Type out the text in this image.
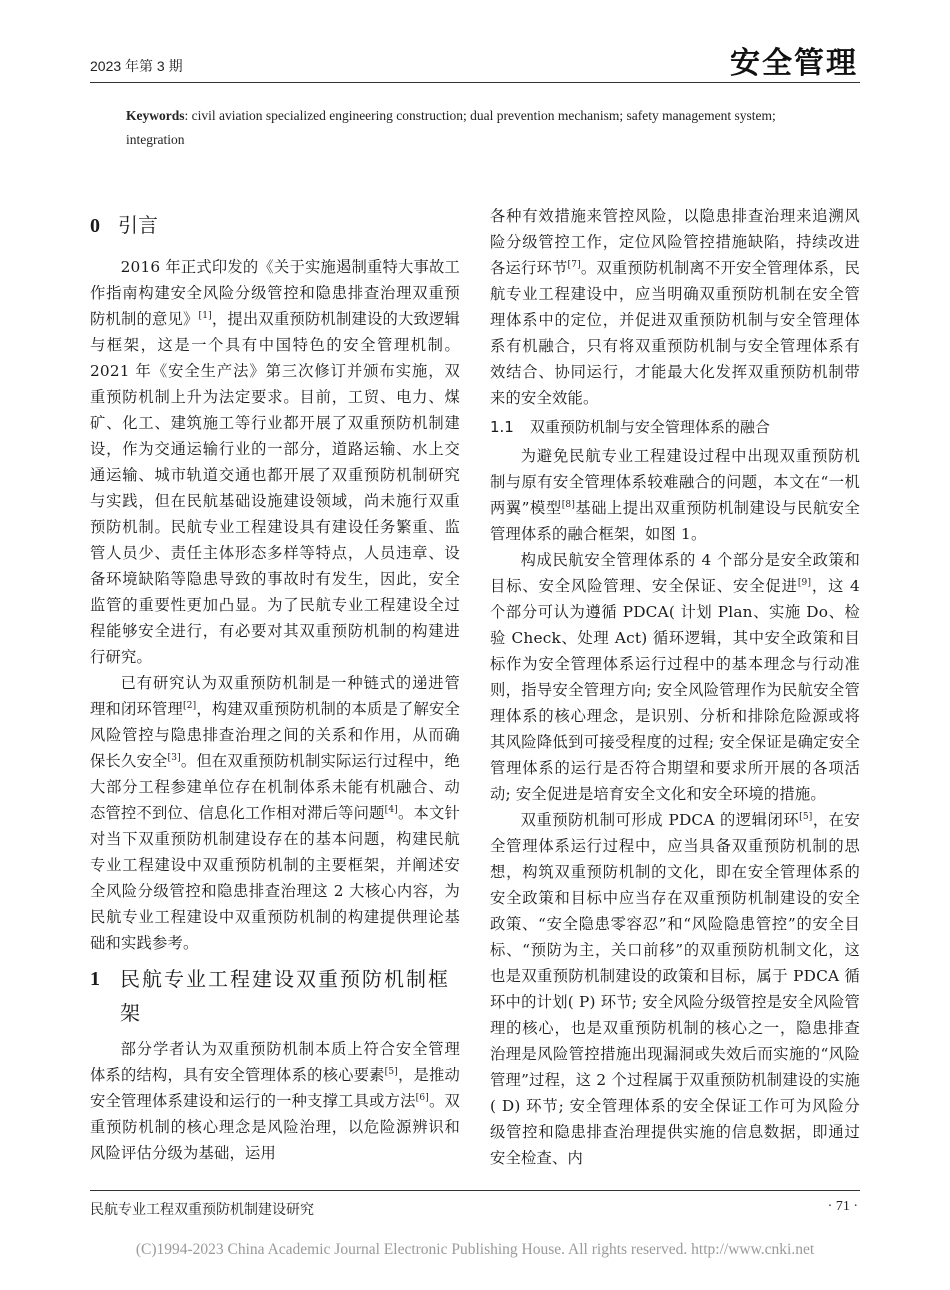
2023 年第 3 期	安全管理
Keywords: civil aviation specialized engineering construction; dual prevention mechanism; safety management system; integration
0 引言

2016 年正式印发的《关于实施遏制重特大事故工作指南构建安全风险分级管控和隐患排查治理双重预防机制的意见》[1]，提出双重预防机制建设的大致逻辑与框架，这是一个具有中国特色的安全管理机制。2021 年《安全生产法》第三次修订并颁布实施，双重预防机制上升为法定要求。目前，工贸、电力、煤矿、化工、建筑施工等行业都开展了双重预防机制建设，作为交通运输行业的一部分，道路运输、水上交通运输、城市轨道交通也都开展了双重预防机制研究与实践，但在民航基础设施建设领域，尚未施行双重预防机制。民航专业工程建设具有建设任务繁重、监管人员少、责任主体形态多样等特点，人员违章、设备环境缺陷等隐患导致的事故时有发生，因此，安全监管的重要性更加凸显。为了民航专业工程建设全过程能够安全进行，有必要对其双重预防机制的构建进行研究。

已有研究认为双重预防机制是一种链式的递进管理和闭环管理[2]，构建双重预防机制的本质是了解安全风险管控与隐患排查治理之间的关系和作用，从而确保长久安全[3]。但在双重预防机制实际运行过程中，绝大部分工程参建单位存在机制体系未能有机融合、动态管控不到位、信息化工作相对滞后等问题[4]。本文针对当下双重预防机制建设存在的基本问题，构建民航专业工程建设中双重预防机制的主要框架，并阐述安全风险分级管控和隐患排查治理这 2 大核心内容，为民航专业工程建设中双重预防机制的构建提供理论基础和实践参考。

1 民航专业工程建设双重预防机制框架

部分学者认为双重预防机制本质上符合安全管理体系的结构，具有安全管理体系的核心要素[5]，是推动安全管理体系建设和运行的一种支撑工具或方法[6]。双重预防机制的核心理念是风险治理，以危险源辨识和风险评估分级为基础，运用

各种有效措施来管控风险，以隐患排查治理来追溯风险分级管控工作，定位风险管控措施缺陷，持续改进各运行环节[7]。双重预防机制离不开安全管理体系，民航专业工程建设中，应当明确双重预防机制在安全管理体系中的定位，并促进双重预防机制与安全管理体系有机融合，只有将双重预防机制与安全管理体系有效结合、协同运行，才能最大化发挥双重预防机制带来的安全效能。

1.1 双重预防机制与安全管理体系的融合

为避免民航专业工程建设过程中出现双重预防机制与原有安全管理体系较难融合的问题，本文在“一机两翼”模型[8]基础上提出双重预防机制建设与民航安全管理体系的融合框架，如图 1。

构成民航安全管理体系的 4 个部分是安全政策和目标、安全风险管理、安全保证、安全促进[9]，这 4 个部分可认为遵循 PDCA( 计划 Plan、实施 Do、检验 Check、处理 Act) 循环逻辑，其中安全政策和目标作为安全管理体系运行过程中的基本理念与行动准则，指导安全管理方向; 安全风险管理作为民航安全管理体系的核心理念，是识别、分析和排除危险源或将其风险降低到可接受程度的过程; 安全保证是确定安全管理体系的运行是否符合期望和要求所开展的各项活动; 安全促进是培育安全文化和安全环境的措施。

双重预防机制可形成 PDCA 的逻辑闭环[5]，在安全管理体系运行过程中，应当具备双重预防机制的思想，构筑双重预防机制的文化，即在安全管理体系的安全政策和目标中应当存在双重预防机制建设的安全政策、“安全隐患零容忍”和“风险隐患管控”的安全目标、“预防为主，关口前移”的双重预防机制文化，这也是双重预防机制建设的政策和目标，属于 PDCA 循环中的计划( P) 环节; 安全风险分级管控是安全风险管理的核心，也是双重预防机制的核心之一，隐患排查治理是风险管控措施出现漏洞或失效后而实施的“风险管理”过程，这 2 个过程属于双重预防机制建设的实施( D) 环节; 安全管理体系的安全保证工作可为风险分级管控和隐患排查治理提供实施的信息数据，即通过安全检查、内

民航专业工程双重预防机制建设研究	· 71 ·
(C)1994-2023 China Academic Journal Electronic Publishing House. All rights reserved. http://www.cnki.net
